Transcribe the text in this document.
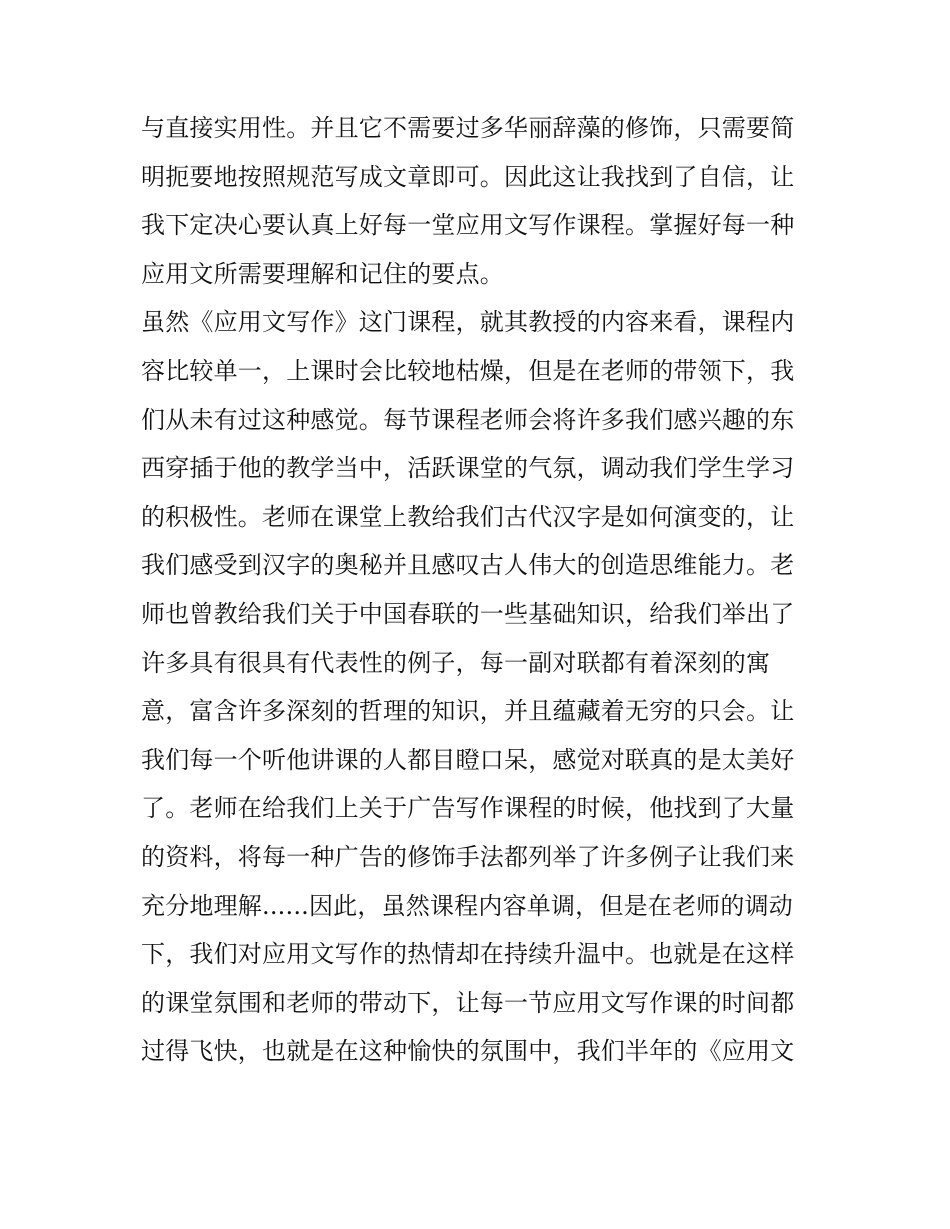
与直接实用性。并且它不需要过多华丽辞藻的修饰，只需要简
明扼要地按照规范写成文章即可。因此这让我找到了自信，让
我下定决心要认真上好每一堂应用文写作课程。掌握好每一种
应用文所需要理解和记住的要点。
虽然《应用文写作》这门课程，就其教授的内容来看，课程内
容比较单一，上课时会比较地枯燥，但是在老师的带领下，我
们从未有过这种感觉。每节课程老师会将许多我们感兴趣的东
西穿插于他的教学当中，活跃课堂的气氛，调动我们学生学习
的积极性。老师在课堂上教给我们古代汉字是如何演变的，让
我们感受到汉字的奥秘并且感叹古人伟大的创造思维能力。老
师也曾教给我们关于中国春联的一些基础知识，给我们举出了
许多具有很具有代表性的例子，每一副对联都有着深刻的寓
意，富含许多深刻的哲理的知识，并且蕴藏着无穷的只会。让
我们每一个听他讲课的人都目瞪口呆，感觉对联真的是太美好
了。老师在给我们上关于广告写作课程的时候，他找到了大量
的资料，将每一种广告的修饰手法都列举了许多例子让我们来
充分地理解......因此，虽然课程内容单调，但是在老师的调动
下，我们对应用文写作的热情却在持续升温中。也就是在这样
的课堂氛围和老师的带动下，让每一节应用文写作课的时间都
过得飞快，也就是在这种愉快的氛围中，我们半年的《应用文
